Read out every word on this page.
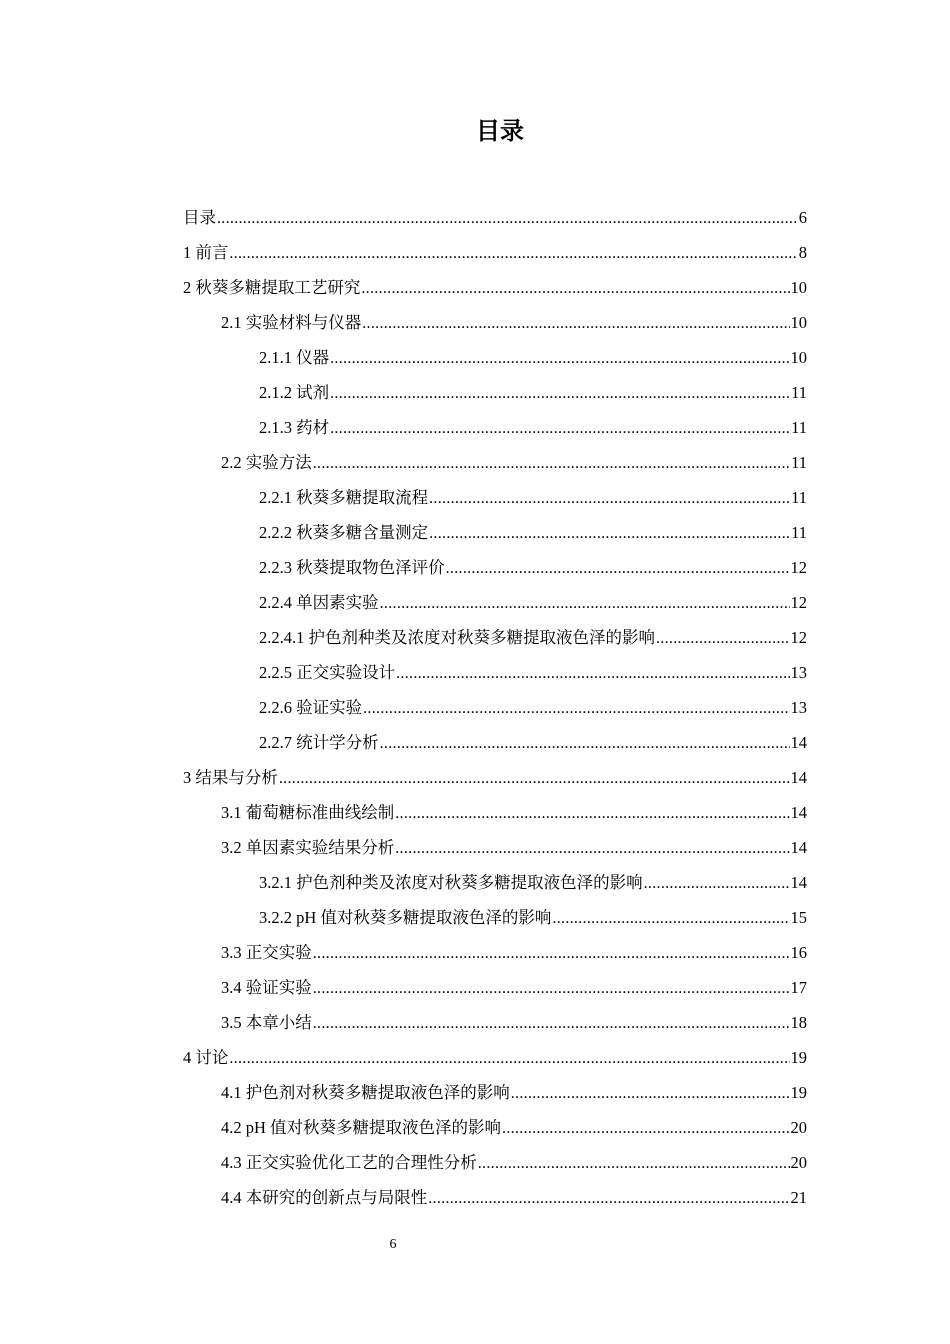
目录
目录 .....	6
1 前言 .....	8
2 秋葵多糖提取工艺研究 .....	10
2.1 实验材料与仪器 .....	10
2.1.1 仪器 .....	10
2.1.2 试剂 .....	11
2.1.3 药材 .....	11
2.2 实验方法 .....	11
2.2.1 秋葵多糖提取流程 .....	11
2.2.2 秋葵多糖含量测定 .....	11
2.2.3 秋葵提取物色泽评价 .....	12
2.2.4 单因素实验 .....	12
2.2.4.1 护色剂种类及浓度对秋葵多糖提取液色泽的影响 .....	12
2.2.5 正交实验设计 .....	13
2.2.6 验证实验 .....	13
2.2.7 统计学分析 .....	14
3 结果与分析 .....	14
3.1 葡萄糖标准曲线绘制 .....	14
3.2 单因素实验结果分析 .....	14
3.2.1 护色剂种类及浓度对秋葵多糖提取液色泽的影响 .....	14
3.2.2 pH 值对秋葵多糖提取液色泽的影响 .....	15
3.3 正交实验 .....	16
3.4 验证实验 .....	17
3.5 本章小结 .....	18
4 讨论 .....	19
4.1 护色剂对秋葵多糖提取液色泽的影响 .....	19
4.2 pH 值对秋葵多糖提取液色泽的影响 .....	20
4.3 正交实验优化工艺的合理性分析 .....	20
4.4 本研究的创新点与局限性 .....	21
6
